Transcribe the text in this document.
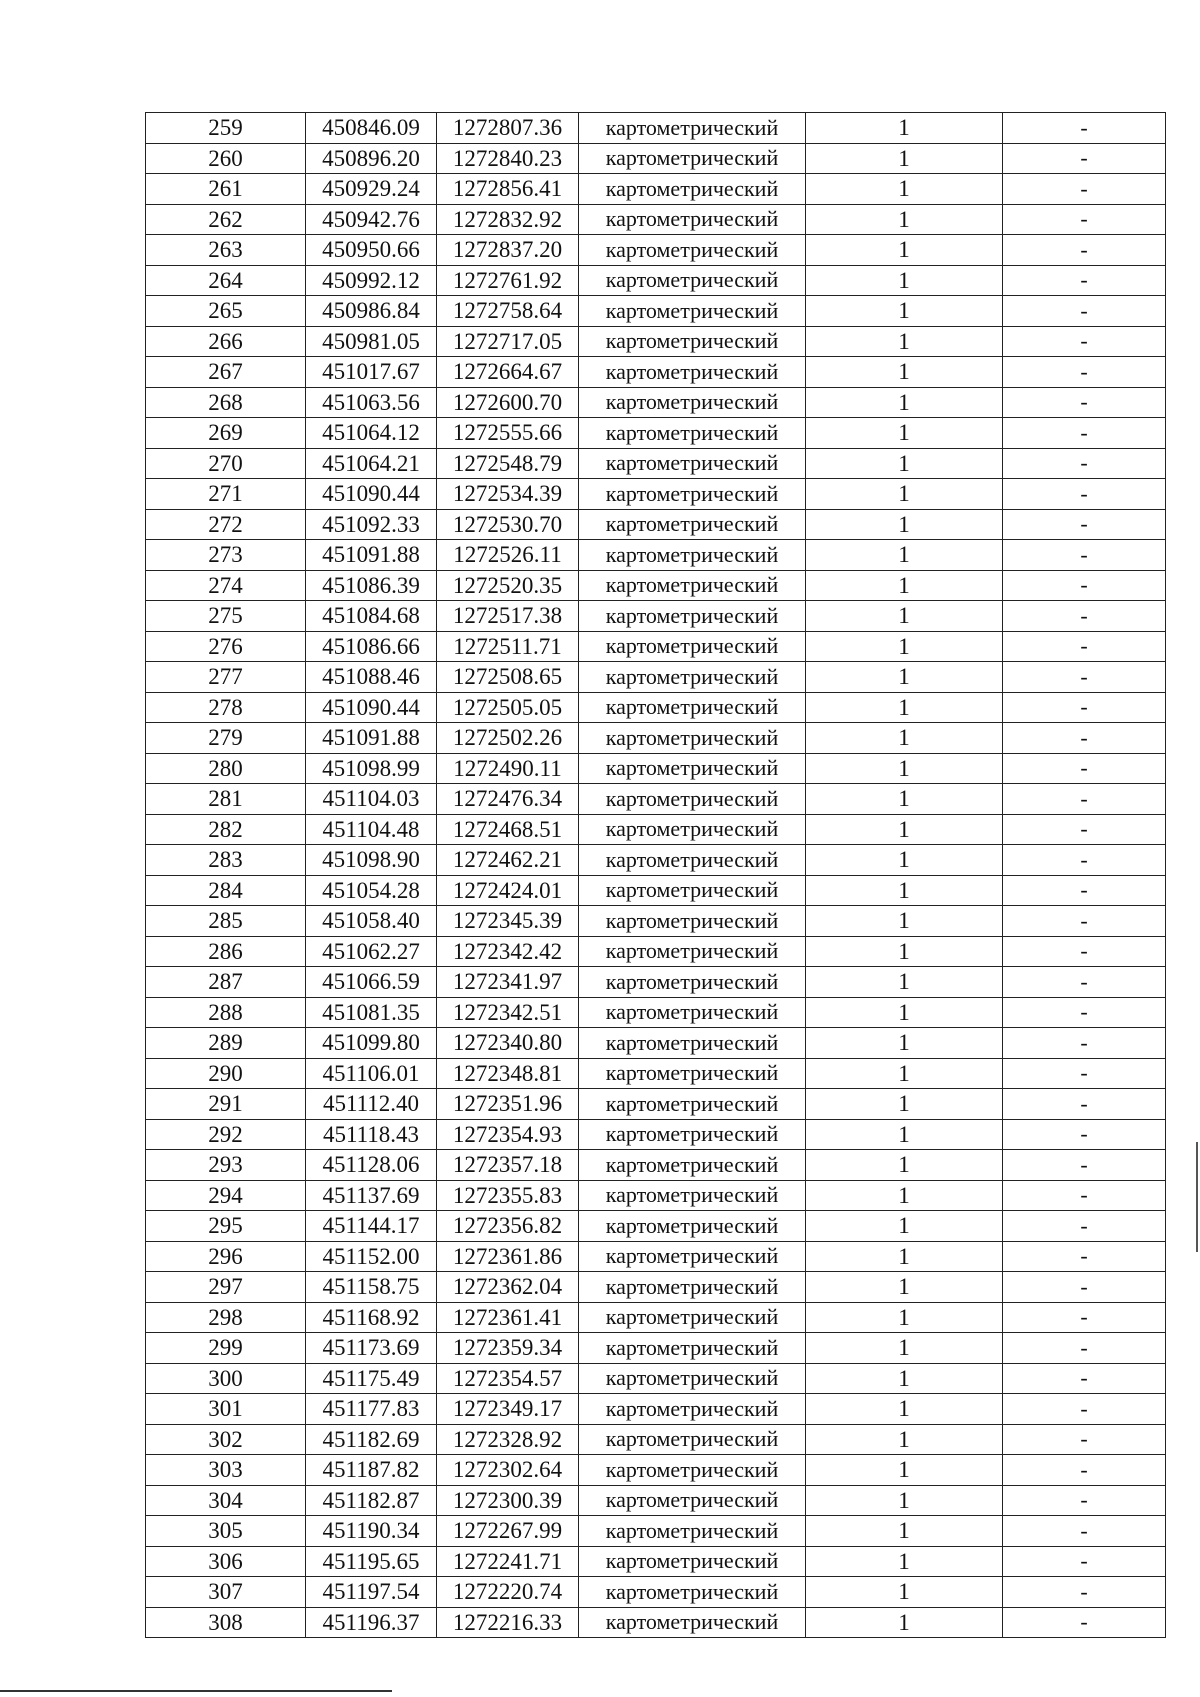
259	450846.09	1272807.36	картометрический	1	-
260	450896.20	1272840.23	картометрический	1	-
261	450929.24	1272856.41	картометрический	1	-
262	450942.76	1272832.92	картометрический	1	-
263	450950.66	1272837.20	картометрический	1	-
264	450992.12	1272761.92	картометрический	1	-
265	450986.84	1272758.64	картометрический	1	-
266	450981.05	1272717.05	картометрический	1	-
267	451017.67	1272664.67	картометрический	1	-
268	451063.56	1272600.70	картометрический	1	-
269	451064.12	1272555.66	картометрический	1	-
270	451064.21	1272548.79	картометрический	1	-
271	451090.44	1272534.39	картометрический	1	-
272	451092.33	1272530.70	картометрический	1	-
273	451091.88	1272526.11	картометрический	1	-
274	451086.39	1272520.35	картометрический	1	-
275	451084.68	1272517.38	картометрический	1	-
276	451086.66	1272511.71	картометрический	1	-
277	451088.46	1272508.65	картометрический	1	-
278	451090.44	1272505.05	картометрический	1	-
279	451091.88	1272502.26	картометрический	1	-
280	451098.99	1272490.11	картометрический	1	-
281	451104.03	1272476.34	картометрический	1	-
282	451104.48	1272468.51	картометрический	1	-
283	451098.90	1272462.21	картометрический	1	-
284	451054.28	1272424.01	картометрический	1	-
285	451058.40	1272345.39	картометрический	1	-
286	451062.27	1272342.42	картометрический	1	-
287	451066.59	1272341.97	картометрический	1	-
288	451081.35	1272342.51	картометрический	1	-
289	451099.80	1272340.80	картометрический	1	-
290	451106.01	1272348.81	картометрический	1	-
291	451112.40	1272351.96	картометрический	1	-
292	451118.43	1272354.93	картометрический	1	-
293	451128.06	1272357.18	картометрический	1	-
294	451137.69	1272355.83	картометрический	1	-
295	451144.17	1272356.82	картометрический	1	-
296	451152.00	1272361.86	картометрический	1	-
297	451158.75	1272362.04	картометрический	1	-
298	451168.92	1272361.41	картометрический	1	-
299	451173.69	1272359.34	картометрический	1	-
300	451175.49	1272354.57	картометрический	1	-
301	451177.83	1272349.17	картометрический	1	-
302	451182.69	1272328.92	картометрический	1	-
303	451187.82	1272302.64	картометрический	1	-
304	451182.87	1272300.39	картометрический	1	-
305	451190.34	1272267.99	картометрический	1	-
306	451195.65	1272241.71	картометрический	1	-
307	451197.54	1272220.74	картометрический	1	-
308	451196.37	1272216.33	картометрический	1	-
